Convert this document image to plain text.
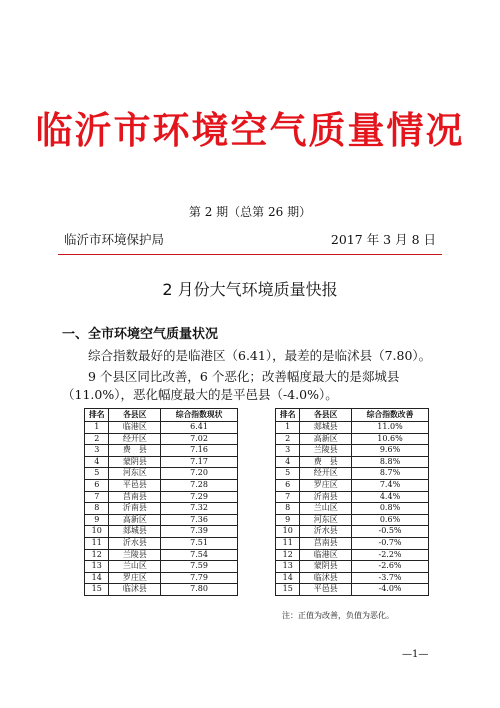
临沂市环境空气质量情况
第 2 期（总第 26 期）
临沂市环境保护局	2017 年 3 月 8 日
2 月份大气环境质量快报
一、全市环境空气质量状况
综合指数最好的是临港区（6.41），最差的是临沭县（7.80）。
9 个县区同比改善，6 个恶化；改善幅度最大的是郯城县
（11.0%），恶化幅度最大的是平邑县（-4.0%）。
排名	各县区	综合指数现状
1	临港区	6.41
2	经开区	7.02
3	费　县	7.16
4	蒙阴县	7.17
5	河东区	7.20
6	平邑县	7.28
7	莒南县	7.29
8	沂南县	7.32
9	高新区	7.36
10	郯城县	7.39
11	沂水县	7.51
12	兰陵县	7.54
13	兰山区	7.59
14	罗庄区	7.79
15	临沭县	7.80
排名	各县区	综合指数改善
1	郯城县	11.0%
2	高新区	10.6%
3	兰陵县	9.6%
4	费　县	8.8%
5	经开区	8.7%
6	罗庄区	7.4%
7	沂南县	4.4%
8	兰山区	0.8%
9	河东区	0.6%
10	沂水县	-0.5%
11	莒南县	-0.7%
12	临港区	-2.2%
13	蒙阴县	-2.6%
14	临沭县	-3.7%
15	平邑县	-4.0%
注：正值为改善，负值为恶化。
—1—
